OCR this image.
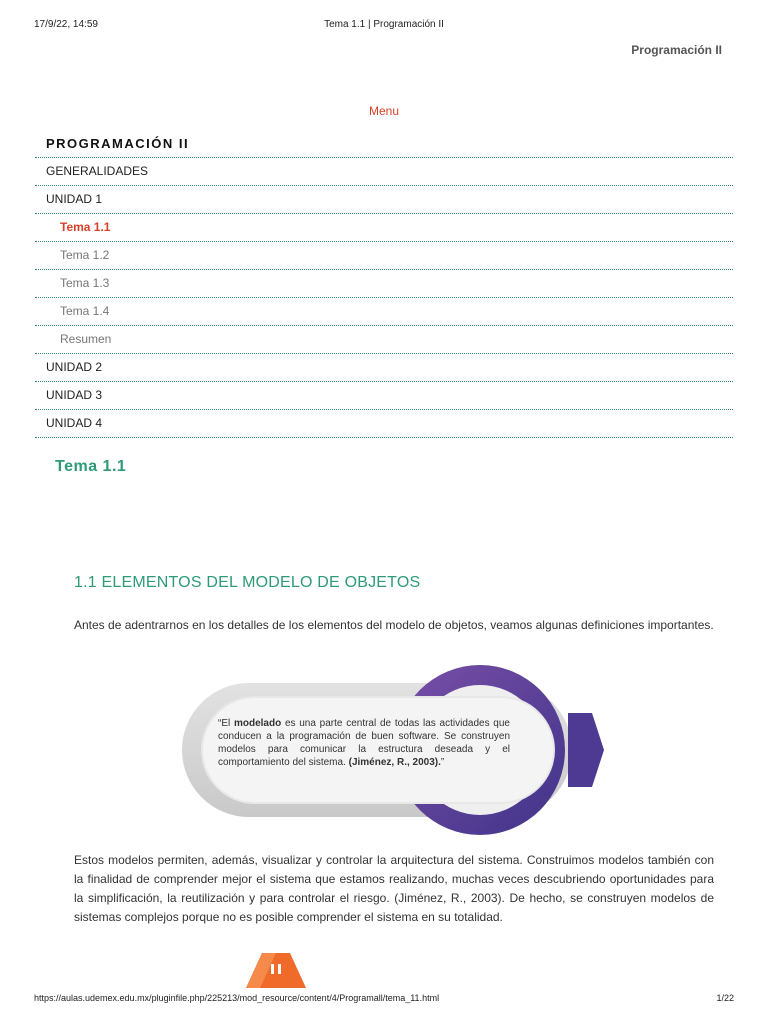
17/9/22, 14:59	Tema 1.1 | Programación II
Programación II
Menu
PROGRAMACIÓN II
GENERALIDADES
UNIDAD 1
Tema 1.1
Tema 1.2
Tema 1.3
Tema 1.4
Resumen
UNIDAD 2
UNIDAD 3
UNIDAD 4
Tema 1.1
1.1 ELEMENTOS DEL MODELO DE OBJETOS

Antes de adentrarnos en los detalles de los elementos del modelo de objetos, veamos algunas definiciones importantes.

“El modelado es una parte central de todas las actividades que conducen a la programación de buen software. Se construyen modelos para comunicar la estructura deseada y el comportamiento del sistema. (Jiménez, R., 2003).”

Estos modelos permiten, además, visualizar y controlar la arquitectura del sistema. Construimos modelos también con la finalidad de comprender mejor el sistema que estamos realizando, muchas veces descubriendo oportunidades para la simplificación, la reutilización y para controlar el riesgo. (Jiménez, R., 2003). De hecho, se construyen modelos de sistemas complejos porque no es posible comprender el sistema en su totalidad.

https://aulas.udemex.edu.mx/pluginfile.php/225213/mod_resource/content/4/Programall/tema_11.html	1/22
